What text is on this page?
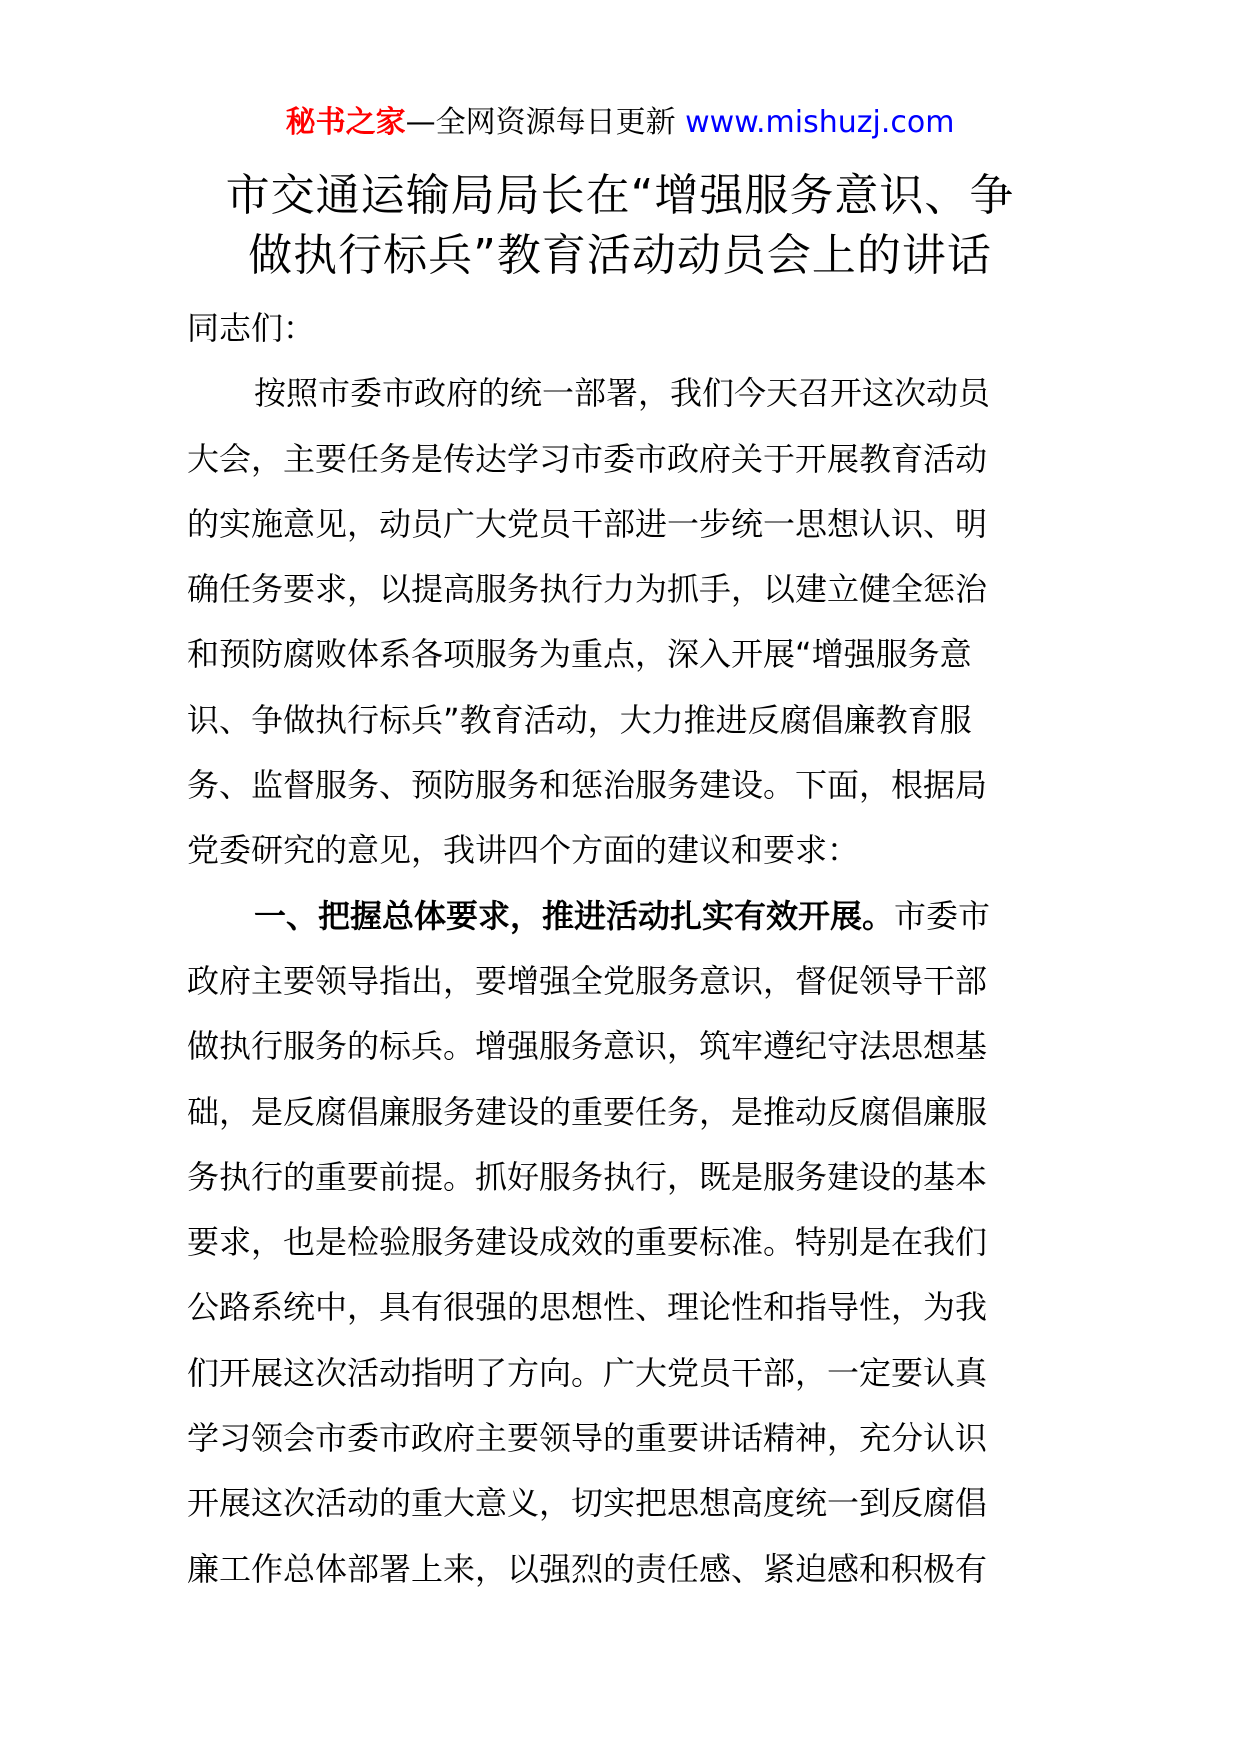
秘书之家—全网资源每日更新 www.mishuzj.com
市交通运输局局长在“增强服务意识、争
做执行标兵”教育活动动员会上的讲话
同志们：
按照市委市政府的统一部署，我们今天召开这次动员
大会，主要任务是传达学习市委市政府关于开展教育活动
的实施意见，动员广大党员干部进一步统一思想认识、明
确任务要求，以提高服务执行力为抓手，以建立健全惩治
和预防腐败体系各项服务为重点，深入开展“增强服务意
识、争做执行标兵”教育活动，大力推进反腐倡廉教育服
务、监督服务、预防服务和惩治服务建设。下面，根据局
党委研究的意见，我讲四个方面的建议和要求：
一、把握总体要求，推进活动扎实有效开展。市委市
政府主要领导指出，要增强全党服务意识，督促领导干部
做执行服务的标兵。增强服务意识，筑牢遵纪守法思想基
础，是反腐倡廉服务建设的重要任务，是推动反腐倡廉服
务执行的重要前提。抓好服务执行，既是服务建设的基本
要求，也是检验服务建设成效的重要标准。特别是在我们
公路系统中，具有很强的思想性、理论性和指导性，为我
们开展这次活动指明了方向。广大党员干部，一定要认真
学习领会市委市政府主要领导的重要讲话精神，充分认识
开展这次活动的重大意义，切实把思想高度统一到反腐倡
廉工作总体部署上来，以强烈的责任感、紧迫感和积极有
